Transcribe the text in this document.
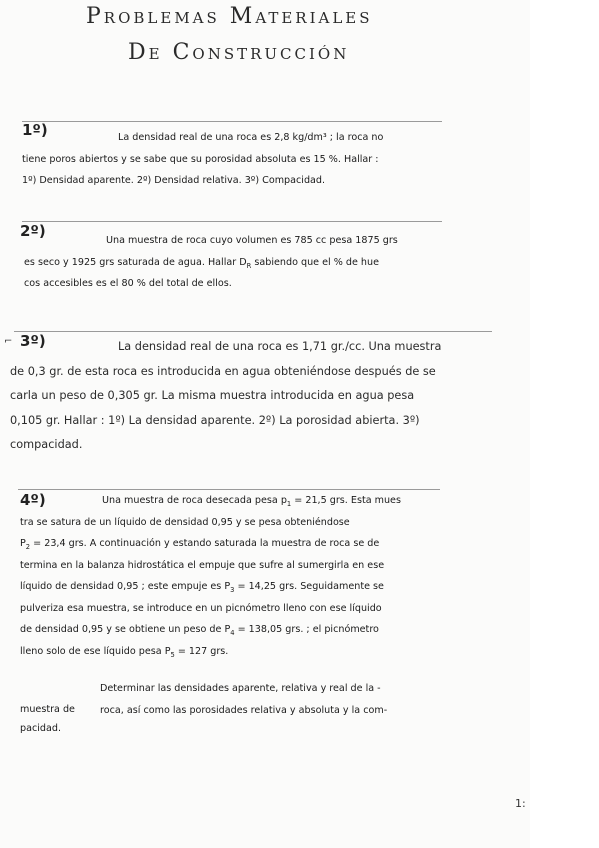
Problemas Materiales
De Construcción
1º)	La densidad real de una roca es 2,8 kg/dm³ ; la roca no
tiene poros abiertos y se sabe que su porosidad absoluta es 15 %. Hallar :
1º) Densidad aparente. 2º) Densidad relativa. 3º) Compacidad.
2º)
Una muestra de roca cuyo volumen es 785 cc pesa 1875 grs
es seco y 1925 grs saturada de agua. Hallar $D_R$ sabiendo que el % de hue
cos accesibles es el 80 % del total de ellos.
⌐ 3º)	La densidad real de una roca es 1,71 gr./cc. Una muestra
de 0,3 gr. de esta roca es introducida en agua obteniéndose después de se
carla un peso de 0,305 gr. La misma muestra introducida en agua pesa
0,105 gr. Hallar : 1º) La densidad aparente. 2º) La porosidad abierta. 3º)
compacidad.
4º)	Una muestra de roca desecada pesa $p_1 = 21,5$ grs. Esta mues
tra se satura de un líquido de densidad 0,95 y se pesa obteniéndose
$P_2 = 23,4$ grs. A continuación y estando saturada la muestra de roca se de
termina en la balanza hidrostática el empuje que sufre al sumergirla en ese
líquido de densidad 0,95 ; este empuje es $P_3 = 14,25$ grs. Seguidamente se
pulveriza esa muestra, se introduce en un picnómetro lleno con ese líquido
de densidad 0,95 y se obtiene un peso de $P_4 = 138,05$ grs. ; el picnómetro
lleno solo de ese líquido pesa $P_5 = 127$ grs.
Determinar las densidades aparente, relativa y real de la -
roca, así como las porosidades relativa y absoluta y la com-
muestra de
pacidad.
1:
